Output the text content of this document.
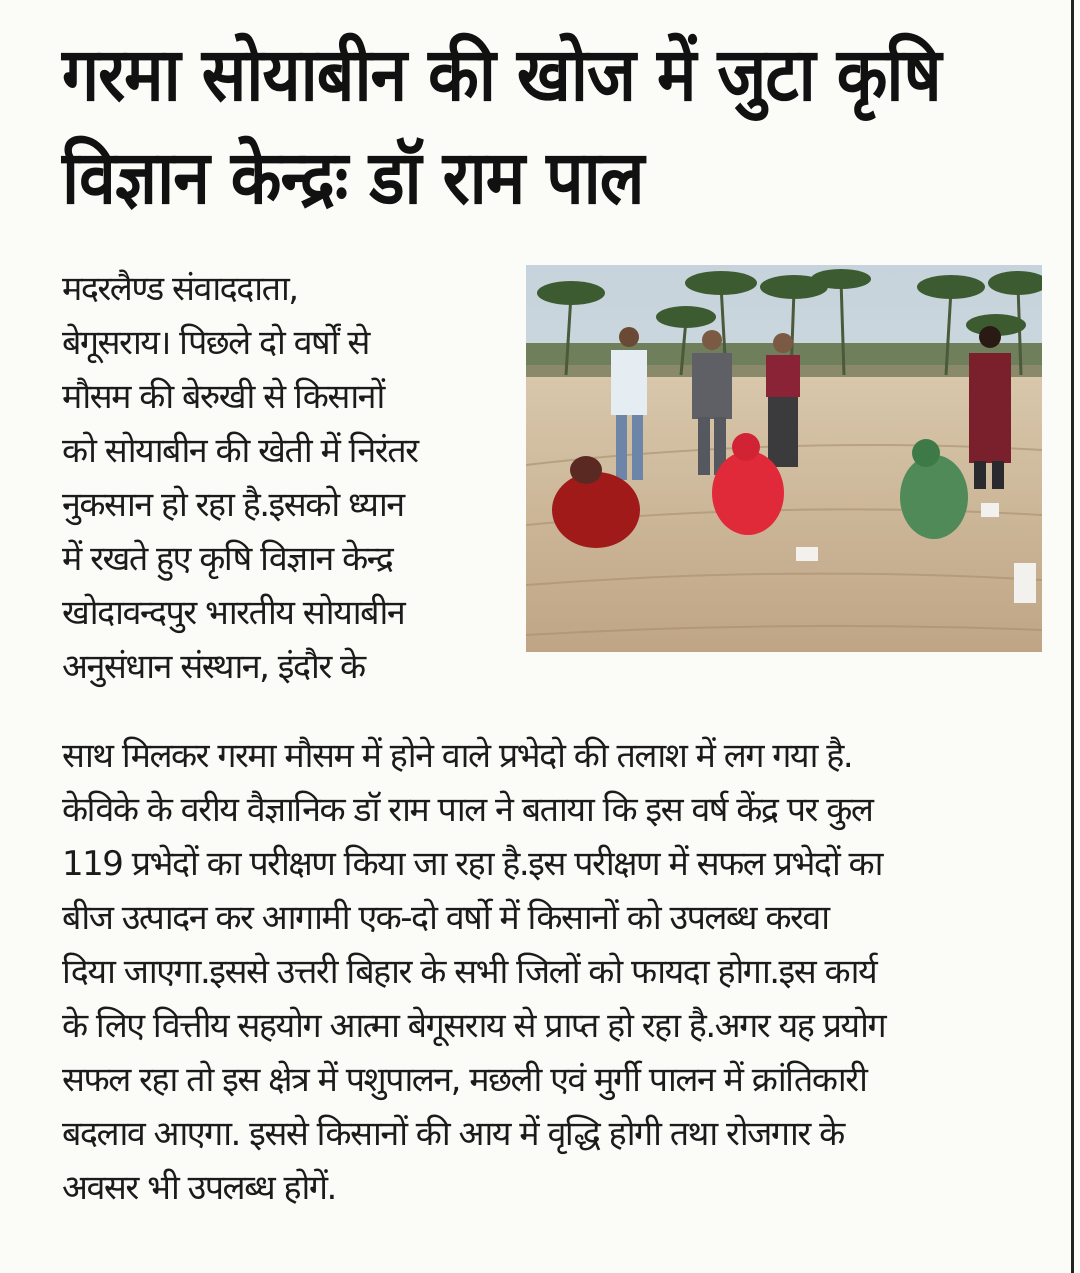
गरमा सोयाबीन की खोज में जुटा कृषि
विज्ञान केन्द्रः डॉ राम पाल
मदरलैण्ड संवाददाता,
बेगूसराय। पिछले दो वर्षों से
मौसम की बेरुखी से किसानों
को सोयाबीन की खेती में निरंतर
नुकसान हो रहा है.इसको ध्यान
में रखते हुए कृषि विज्ञान केन्द्र
खोदावन्दपुर भारतीय सोयाबीन
अनुसंधान संस्थान, इंदौर के
साथ मिलकर गरमा मौसम में होने वाले प्रभेदो की तलाश में लग गया है.
केविके के वरीय वैज्ञानिक डॉ राम पाल ने बताया कि इस वर्ष केंद्र पर कुल
119 प्रभेदों का परीक्षण किया जा रहा है.इस परीक्षण में सफल प्रभेदों का
बीज उत्पादन कर आगामी एक-दो वर्षो में किसानों को उपलब्ध करवा
दिया जाएगा.इससे उत्तरी बिहार के सभी जिलों को फायदा होगा.इस कार्य
के लिए वित्तीय सहयोग आत्मा बेगूसराय से प्राप्त हो रहा है.अगर यह प्रयोग
सफल रहा तो इस क्षेत्र में पशुपालन, मछली एवं मुर्गी पालन में क्रांतिकारी
बदलाव आएगा. इससे किसानों की आय में वृद्धि होगी तथा रोजगार के
अवसर भी उपलब्ध होगें.
